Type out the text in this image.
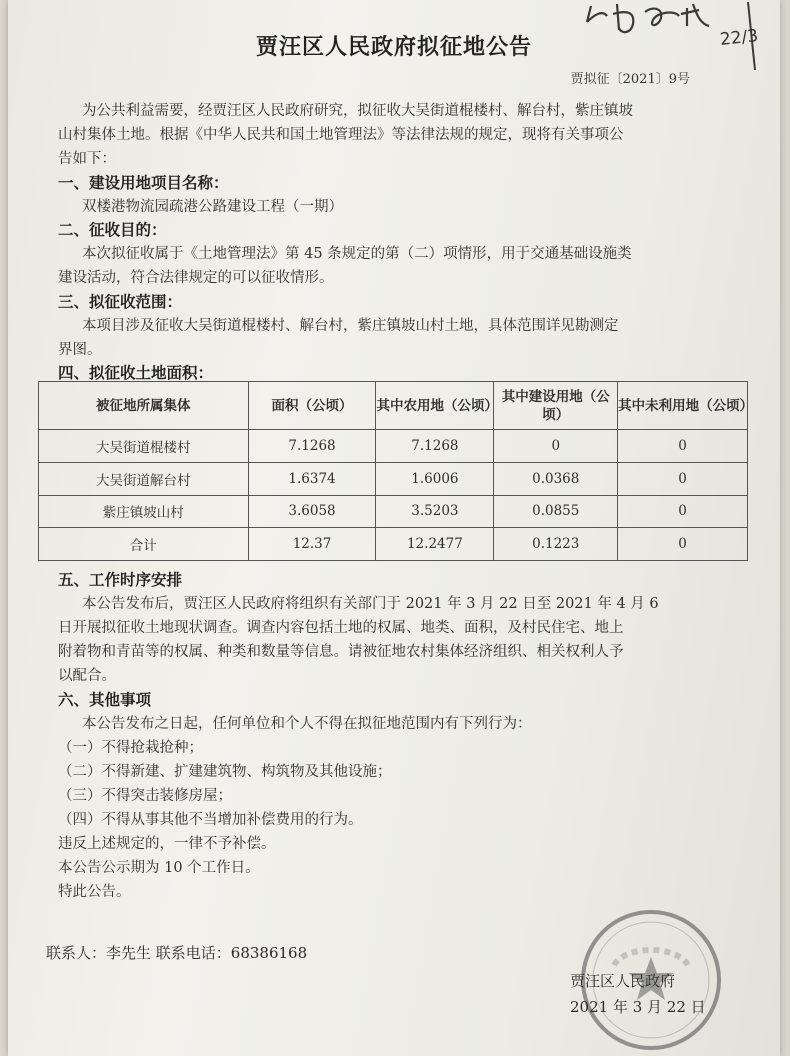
22/3
贾汪区人民政府拟征地公告
贾拟征〔2021〕9号
为公共利益需要，经贾汪区人民政府研究，拟征收大吴街道棍楼村、解台村，紫庄镇坡
山村集体土地。根据《中华人民共和国土地管理法》等法律法规的规定，现将有关事项公
告如下：
一、建设用地项目名称：
双楼港物流园疏港公路建设工程（一期）
二、征收目的：
本次拟征收属于《土地管理法》第 45 条规定的第（二）项情形，用于交通基础设施类
建设活动，符合法律规定的可以征收情形。
三、拟征收范围：
本项目涉及征收大吴街道棍楼村、解台村，紫庄镇坡山村土地，具体范围详见勘测定
界图。
四、拟征收土地面积：
被征地所属集体	面积（公顷）	其中农用地（公顷）	其中建设用地（公顷）	其中未利用地（公顷）
大吴街道棍楼村	7.1268	7.1268	0	0
大吴街道解台村	1.6374	1.6006	0.0368	0
紫庄镇坡山村	3.6058	3.5203	0.0855	0
合计	12.37	12.2477	0.1223	0
五、工作时序安排
本公告发布后，贾汪区人民政府将组织有关部门于 2021 年 3 月 22 日至 2021 年 4 月 6
日开展拟征收土地现状调查。调查内容包括土地的权属、地类、面积，及村民住宅、地上
附着物和青苗等的权属、种类和数量等信息。请被征地农村集体经济组织、相关权利人予
以配合。
六、其他事项
本公告发布之日起，任何单位和个人不得在拟征地范围内有下列行为：
（一）不得抢栽抢种；
（二）不得新建、扩建建筑物、构筑物及其他设施；
（三）不得突击装修房屋；
（四）不得从事其他不当增加补偿费用的行为。
违反上述规定的，一律不予补偿。
本公告公示期为 10 个工作日。
特此公告。
联系人：李先生 联系电话：68386168
贾汪区人民政府
2021 年 3 月 22 日
